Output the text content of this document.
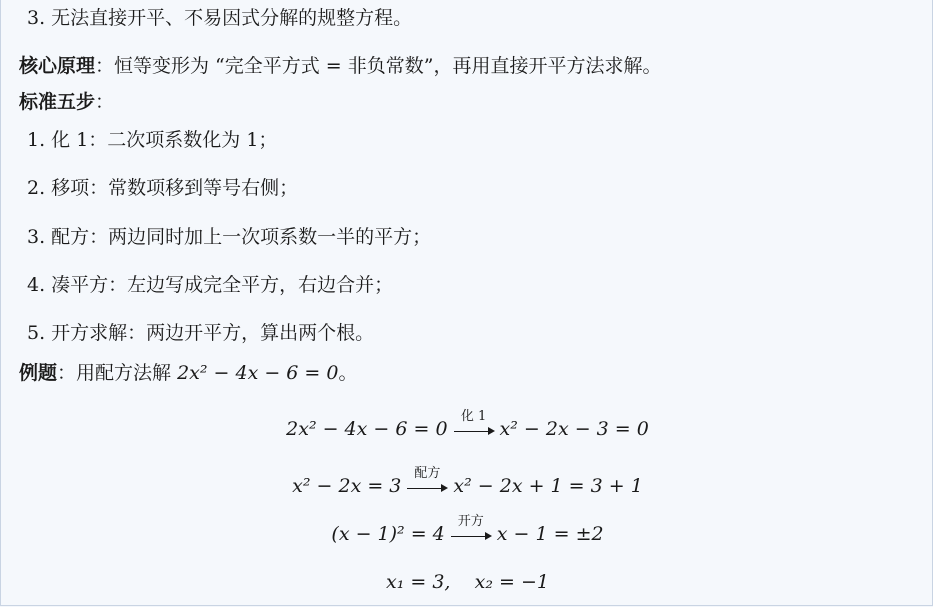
3. 无法直接开平、不易因式分解的规整方程。
核心原理：恒等变形为 “完全平方式 = 非负常数”，再用直接开平方法求解。
标准五步：
1. 化 1：二次项系数化为 1；
2. 移项：常数项移到等号右侧；
3. 配方：两边同时加上一次项系数一半的平方；
4. 凑平方：左边写成完全平方，右边合并；
5. 开方求解：两边开平方，算出两个根。
例题：用配方法解 2x² − 4x − 6 = 0。
2x² − 4x − 6 = 0
化 1
x² − 2x − 3 = 0
x² − 2x = 3
配方
x² − 2x + 1 = 3 + 1
(x − 1)² = 4
开方
x − 1 = ±2
x₁ = 3, x₂ = −1
